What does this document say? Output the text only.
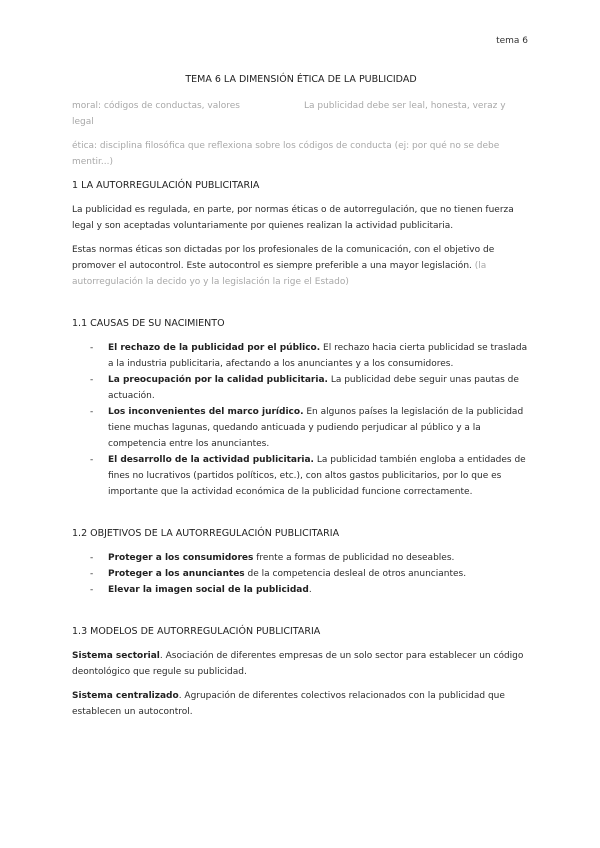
tema 6
TEMA 6 LA DIMENSIÓN ÉTICA DE LA PUBLICIDAD
moral: códigos de conductas, valores	La publicidad debe ser leal, honesta, veraz y

legal

ética: disciplina filosófica que reflexiona sobre los códigos de conducta (ej: por qué no se debe mentir...)

1 LA AUTORREGULACIÓN PUBLICITARIA

La publicidad es regulada, en parte, por normas éticas o de autorregulación, que no tienen fuerza legal y son aceptadas voluntariamente por quienes realizan la actividad publicitaria.

Estas normas éticas son dictadas por los profesionales de la comunicación, con el objetivo de promover el autocontrol. Este autocontrol es siempre preferible a una mayor legislación. (la autorregulación la decido yo y la legislación la rige el Estado)

1.1 CAUSAS DE SU NACIMIENTO
-	El rechazo de la publicidad por el público. El rechazo hacia cierta publicidad se traslada a la industria publicitaria, afectando a los anunciantes y a los consumidores.
-	La preocupación por la calidad publicitaria. La publicidad debe seguir unas pautas de actuación.
-	Los inconvenientes del marco jurídico. En algunos países la legislación de la publicidad tiene muchas lagunas, quedando anticuada y pudiendo perjudicar al público y a la competencia entre los anunciantes.
-	El desarrollo de la actividad publicitaria. La publicidad también engloba a entidades de fines no lucrativos (partidos políticos, etc.), con altos gastos publicitarios, por lo que es importante que la actividad económica de la publicidad funcione correctamente.
1.2 OBJETIVOS DE LA AUTORREGULACIÓN PUBLICITARIA
-	Proteger a los consumidores frente a formas de publicidad no deseables.
-	Proteger a los anunciantes de la competencia desleal de otros anunciantes.
-	Elevar la imagen social de la publicidad.
1.3 MODELOS DE AUTORREGULACIÓN PUBLICITARIA

Sistema sectorial. Asociación de diferentes empresas de un solo sector para establecer un código deontológico que regule su publicidad.

Sistema centralizado. Agrupación de diferentes colectivos relacionados con la publicidad que establecen un autocontrol.
